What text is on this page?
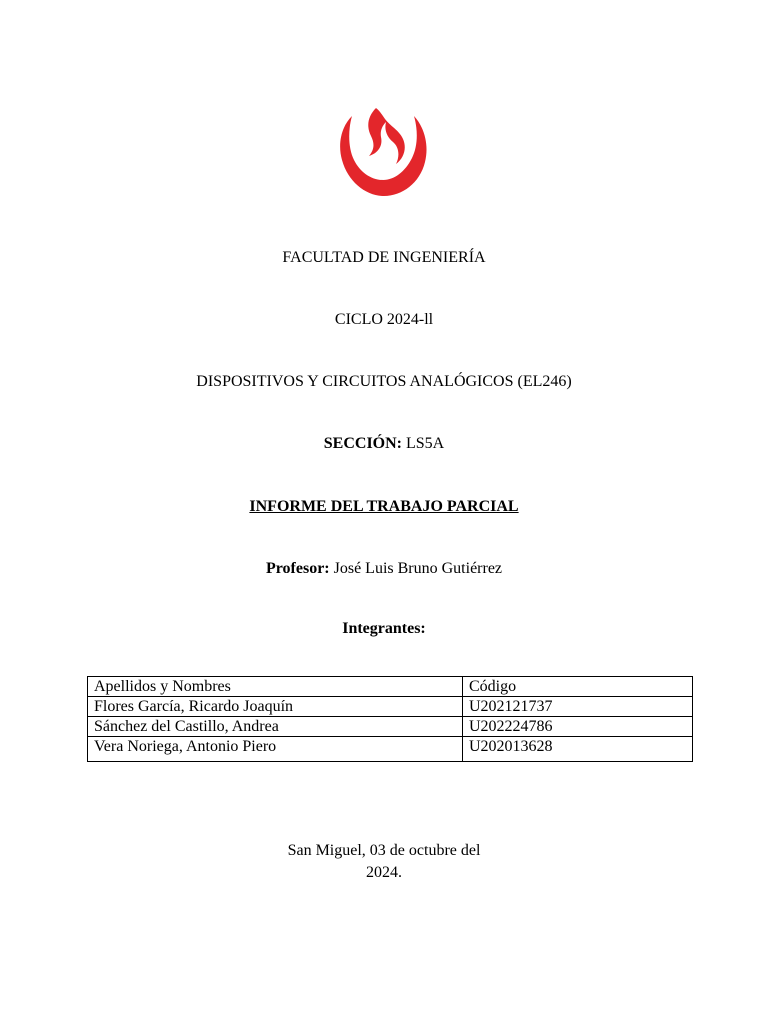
FACULTAD DE INGENIERÍA
CICLO 2024-ll
DISPOSITIVOS Y CIRCUITOS ANALÓGICOS (EL246)
SECCIÓN: LS5A
INFORME DEL TRABAJO PARCIAL
Profesor: José Luis Bruno Gutiérrez
Integrantes:
Apellidos y Nombres	Código
Flores García, Ricardo Joaquín	U202121737
Sánchez del Castillo, Andrea	U202224786
Vera Noriega, Antonio Piero	U202013628
San Miguel, 03 de octubre del
2024.
